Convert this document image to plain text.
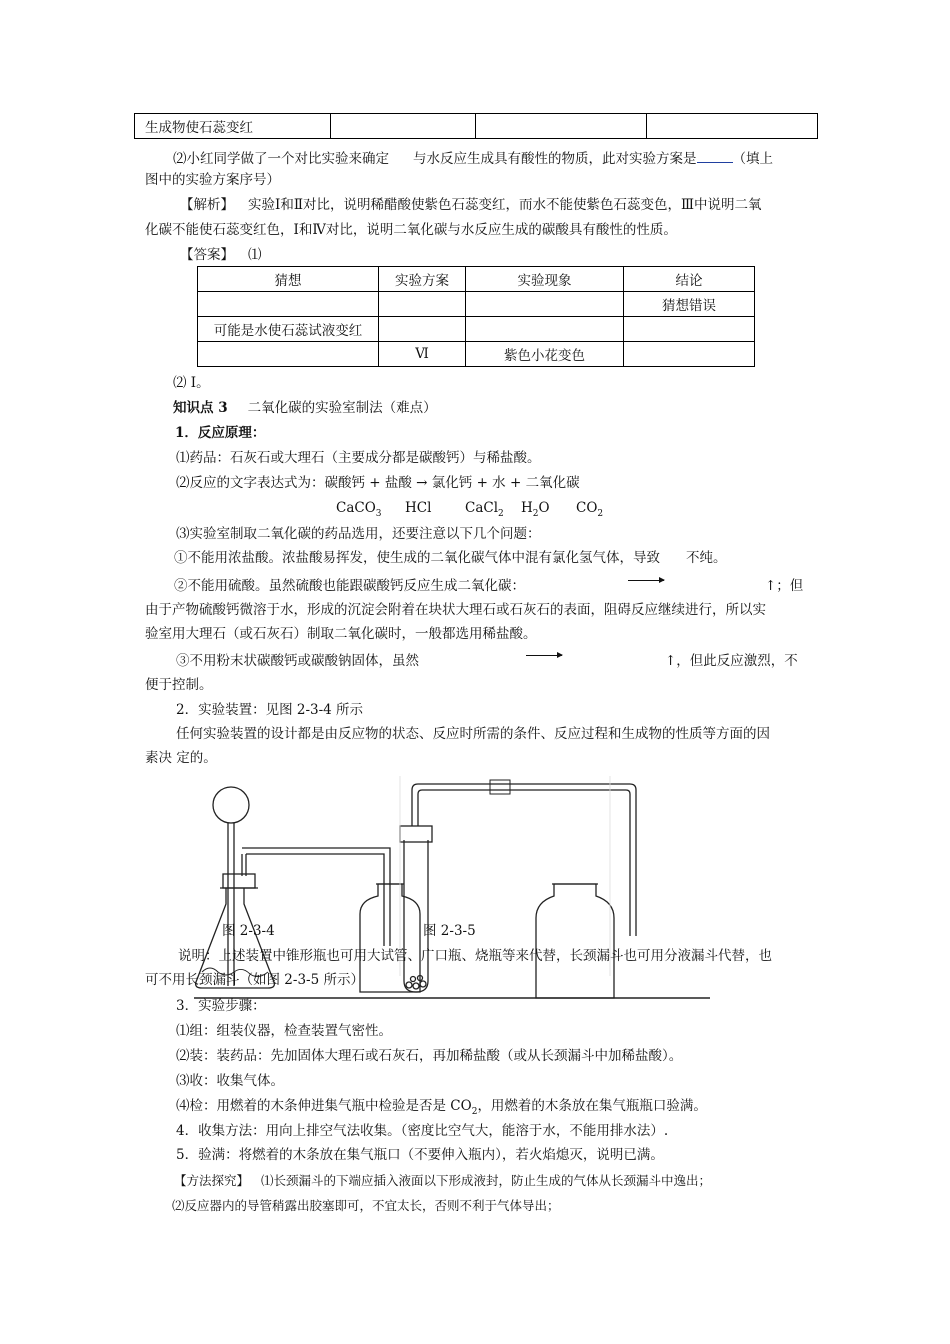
生成物使石蕊变红			
⑵小红同学做了一个对比实验来确定 与水反应生成具有酸性的物质，此对实验方案是	（填上
图中的实验方案序号）
【解析】 实验Ⅰ和Ⅱ对比，说明稀醋酸使紫色石蕊变红，而水不能使紫色石蕊变色，Ⅲ中说明二氧
化碳不能使石蕊变红色，Ⅰ和Ⅳ对比，说明二氧化碳与水反应生成的碳酸具有酸性的性质。
【答案】 ⑴
猜想	实验方案	实验现象	结论
			猜想错误
可能是水使石蕊试液变红			
	Ⅵ	紫色小花变色	
⑵ Ⅰ。
知识点 3 二氧化碳的实验室制法（难点）
1．反应原理：
⑴药品：石灰石或大理石（主要成分都是碳酸钙）与稀盐酸。
⑵反应的文字表达式为：碳酸钙 + 盐酸 → 氯化钙 + 水 + 二氧化碳
CaCO$_3$ HCl CaCl$_2$ $H_2O$ $CO_2$
⑶实验室制取二氧化碳的药品选用，还要注意以下几个问题：
①不能用浓盐酸。浓盐酸易挥发，使生成的二氧化碳气体中混有氯化氢气体，导致 不纯。
②不能用硫酸。虽然硫酸也能跟碳酸钙反应生成二氧化碳：	↑；但
由于产物硫酸钙微溶于水，形成的沉淀会附着在块状大理石或石灰石的表面，阻碍反应继续进行，所以实
验室用大理石（或石灰石）制取二氧化碳时，一般都选用稀盐酸。
③不用粉末状碳酸钙或碳酸钠固体，虽然	↑，但此反应激烈，不
便于控制。
2．实验装置：见图 2-3-4 所示
任何实验装置的设计都是由反应物的状态、反应时所需的条件、反应过程和生成物的性质等方面的因
素决 定的。
图 2-3-4	图 2-3-5
说明：上述装置中锥形瓶也可用大试管、广口瓶、烧瓶等来代替，长颈漏斗也可用分液漏斗代替，也
可不用长颈漏斗（如图 2-3-5 所示）
3．实验步骤：
⑴组：组装仪器，检查装置气密性。
⑵装：装药品：先加固体大理石或石灰石，再加稀盐酸（或从长颈漏斗中加稀盐酸）。
⑶收：收集气体。
⑷检：用燃着的木条伸进集气瓶中检验是否是 $CO_2$，用燃着的木条放在集气瓶瓶口验满。
4．收集方法：用向上排空气法收集。（密度比空气大，能溶于水，不能用排水法）.
5．验满：将燃着的木条放在集气瓶口（不要伸入瓶内），若火焰熄灭，说明已满。
【方法探究】 ⑴长颈漏斗的下端应插入液面以下形成液封，防止生成的气体从长颈漏斗中逸出；
⑵反应器内的导管稍露出胶塞即可，不宜太长，否则不利于气体导出；
